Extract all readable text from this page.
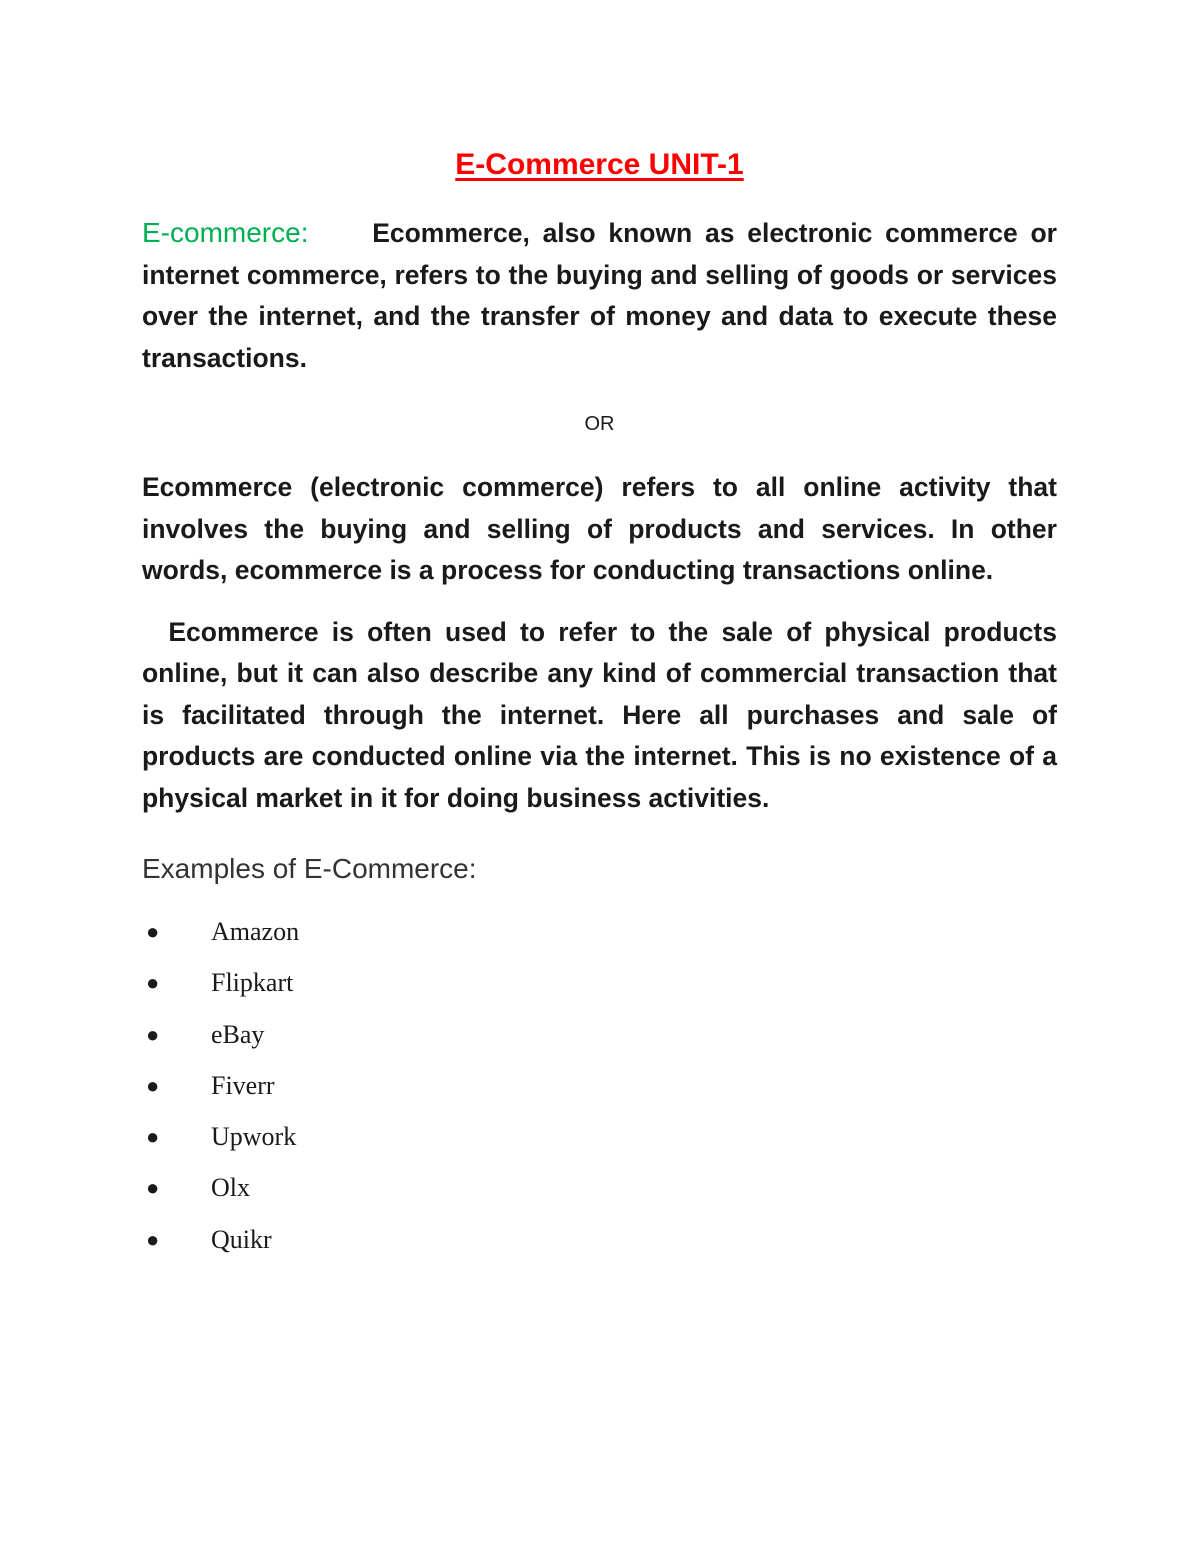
E-Commerce UNIT-1

E-commerce: Ecommerce, also known as electronic commerce or internet commerce, refers to the buying and selling of goods or services over the internet, and the transfer of money and data to execute these transactions.

OR

Ecommerce (electronic commerce) refers to all online activity that involves the buying and selling of products and services. In other words, ecommerce is a process for conducting transactions online.

Ecommerce is often used to refer to the sale of physical products online, but it can also describe any kind of commercial transaction that is facilitated through the internet. Here all purchases and sale of products are conducted online via the internet. This is no existence of a physical market in it for doing business activities.

Examples of E-Commerce:
● Amazon
● Flipkart
● eBay
● Fiverr
● Upwork
● Olx
● Quikr
